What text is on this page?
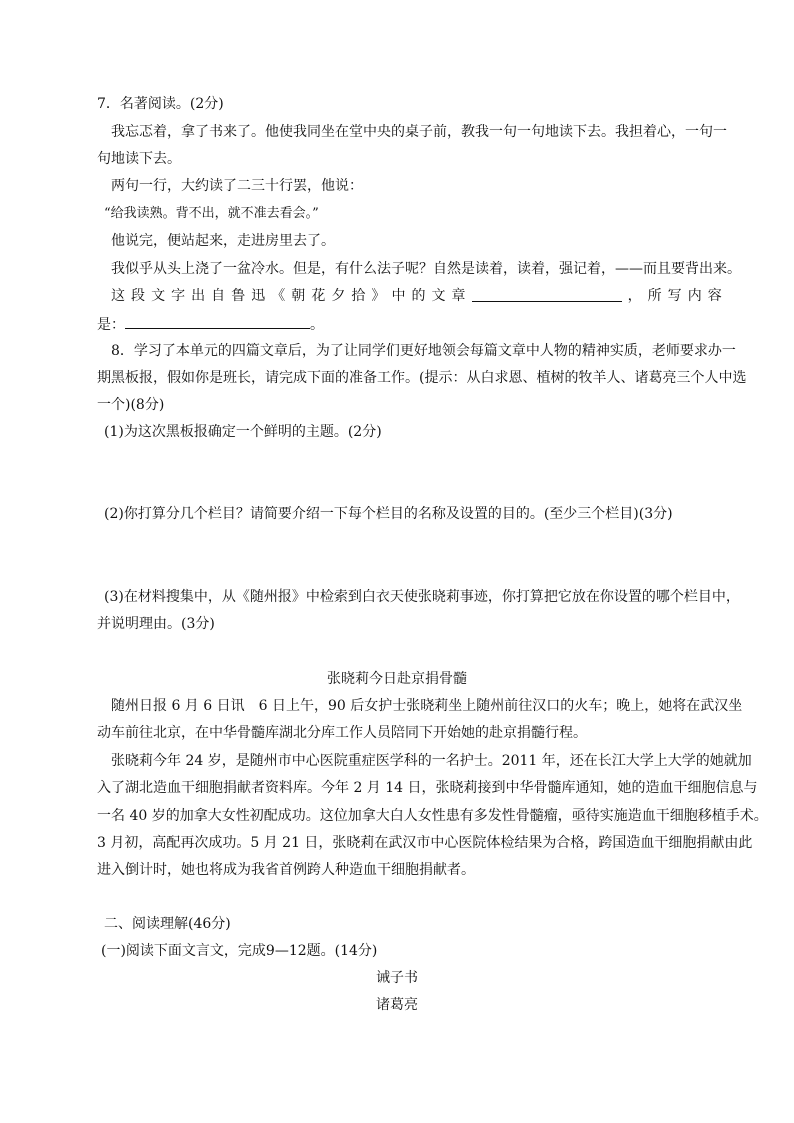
7．名著阅读。(2分)
我忘忑着，拿了书来了。他使我同坐在堂中央的桌子前，教我一句一句地读下去。我担着心，一句一
句地读下去。
两句一行，大约读了二三十行罢，他说：
“给我读熟。背不出，就不准去看会。”
他说完，便站起来，走进房里去了。
我似乎从头上浇了一盆冷水。但是，有什么法子呢？自然是读着，读着，强记着，——而且要背出来。
这 段 文 字 出 自 鲁 迅 《 朝 花 夕 拾 》 中 的 文 章	， 所 写 内 容
是：	。
8．学习了本单元的四篇文章后，为了让同学们更好地领会每篇文章中人物的精神实质，老师要求办一
期黑板报，假如你是班长，请完成下面的准备工作。(提示：从白求恩、植树的牧羊人、诸葛亮三个人中选
一个)(8分)
(1)为这次黑板报确定一个鲜明的主题。(2分)
(2)你打算分几个栏目？请简要介绍一下每个栏目的名称及设置的目的。(至少三个栏目)(3分)
(3)在材料搜集中，从《随州报》中检索到白衣天使张晓莉事迹，你打算把它放在你设置的哪个栏目中，
并说明理由。(3分)
张晓莉今日赴京捐骨髓
随州日报 6 月 6 日讯　6 日上午，90 后女护士张晓莉坐上随州前往汉口的火车；晚上，她将在武汉坐
动车前往北京，在中华骨髓库湖北分库工作人员陪同下开始她的赴京捐髓行程。
张晓莉今年 24 岁，是随州市中心医院重症医学科的一名护士。2011 年，还在长江大学上大学的她就加
入了湖北造血干细胞捐献者资料库。今年 2 月 14 日，张晓莉接到中华骨髓库通知，她的造血干细胞信息与
一名 40 岁的加拿大女性初配成功。这位加拿大白人女性患有多发性骨髓瘤，亟待实施造血干细胞移植手术。
3 月初，高配再次成功。5 月 21 日，张晓莉在武汉市中心医院体检结果为合格，跨国造血干细胞捐献由此
进入倒计时，她也将成为我省首例跨人种造血干细胞捐献者。
二、阅读理解(46分)
(一)阅读下面文言文，完成9—12题。(14分)
诫子书
诸葛亮
